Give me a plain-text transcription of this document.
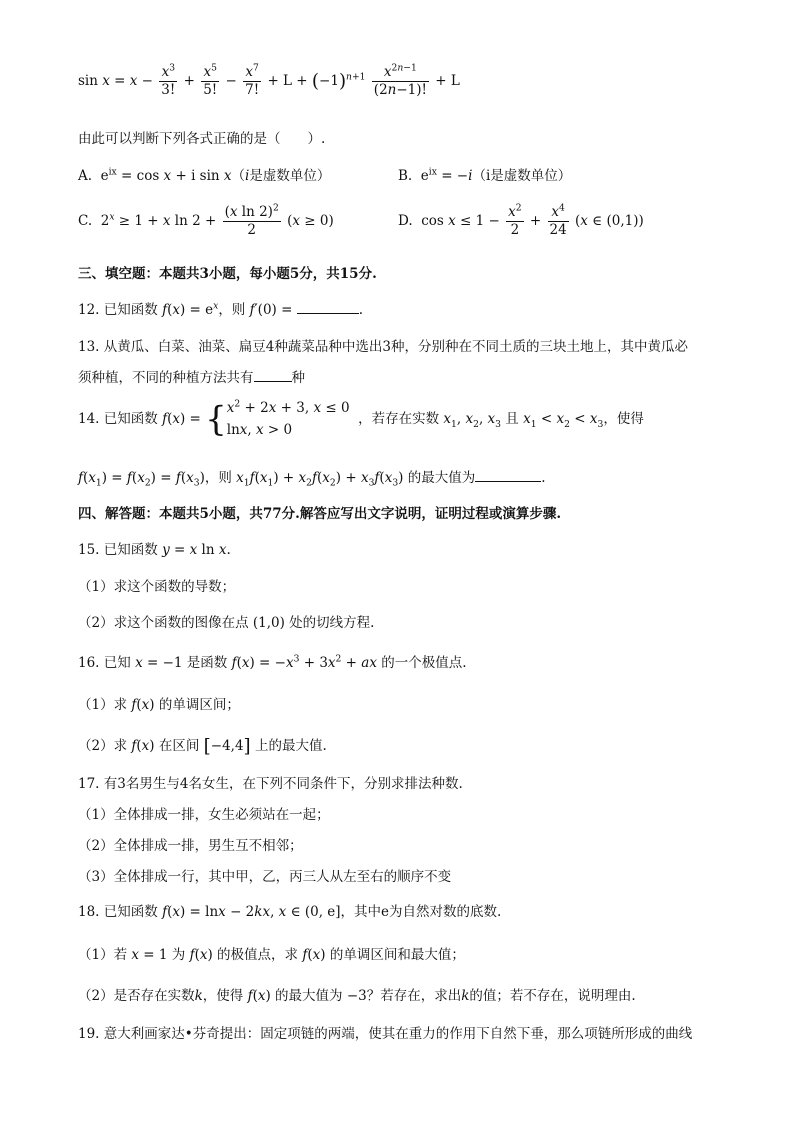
$\sin x = x - \frac{x^3}{3!} + \frac{x^5}{5!} - \frac{x^7}{7!} + L + (-1)^{n+1} \frac{x^{2n-1}}{(2n-1)!} + L$
由此可以判断下列各式正确的是（　　）.
A.  $e^{ix} = \cos x + i$ sin x（i是虚数单位）	B.  $e^{ix} = -i(i$是虚数单位）
C.  $2^x \ge 1 + x$ $\ln 2 + \frac{(x \ln 2)^2}{2} (x \ge 0)$	D.  $\cos x \le 1 - \frac{x^2}{2} + \frac{x^4}{24} (x$ ∈ (0,1))
三、填空题：本题共3小题，每小题5分，共15分.
12. 已知函数 $f(x) = e^x$，则 f′(0) =	.
13. 从黄瓜、白菜、油菜、扁豆4种蔬菜品种中选出3种，分别种在不同土质的三块土地上，其中黄瓜必
须种植，不同的种植方法共有	种
14. 已知函数 f(x) = { $x^2 + 2x + 3$, x ≤ 0
lnx, x > 0
，若存在实数 $x_1$, $x_2$, $x_3$ 且 $x_1 < x_2 < x_3$，使得
$f(x_1) = f(x_2) = f(x_3)$，则 $x_1f(x_1) + x_2f(x_2) + x_3f(x_3)$ 的最大值为	.
四、解答题：本题共5小题，共77分.解答应写出文字说明，证明过程或演算步骤.
15. 已知函数 y = x ln x.
（1）求这个函数的导数；
（2）求这个函数的图像在点 (1,0) 处的切线方程.
16. 已知 x = −1 是函数 $f(x) = -x^3 + 3x^2$ + ax 的一个极值点.
（1）求 f(x) 的单调区间；
（2）求 f(x) 在区间 [−4,4] 上的最大值.
17. 有3名男生与4名女生，在下列不同条件下，分别求排法种数.
（1）全体排成一排，女生必须站在一起；
（2）全体排成一排，男生互不相邻；
（3）全体排成一行，其中甲，乙，丙三人从左至右的顺序不变
18. 已知函数 f(x) = lnx − 2kx, x ∈ (0, e]，其中e为自然对数的底数.
（1）若 x = 1 为 f(x) 的极值点，求 f(x) 的单调区间和最大值；
（2）是否存在实数k，使得 f(x) 的最大值为 −3？若存在，求出k的值；若不存在，说明理由.
19. 意大利画家达•芬奇提出：固定项链的两端，使其在重力的作用下自然下垂，那么项链所形成的曲线
